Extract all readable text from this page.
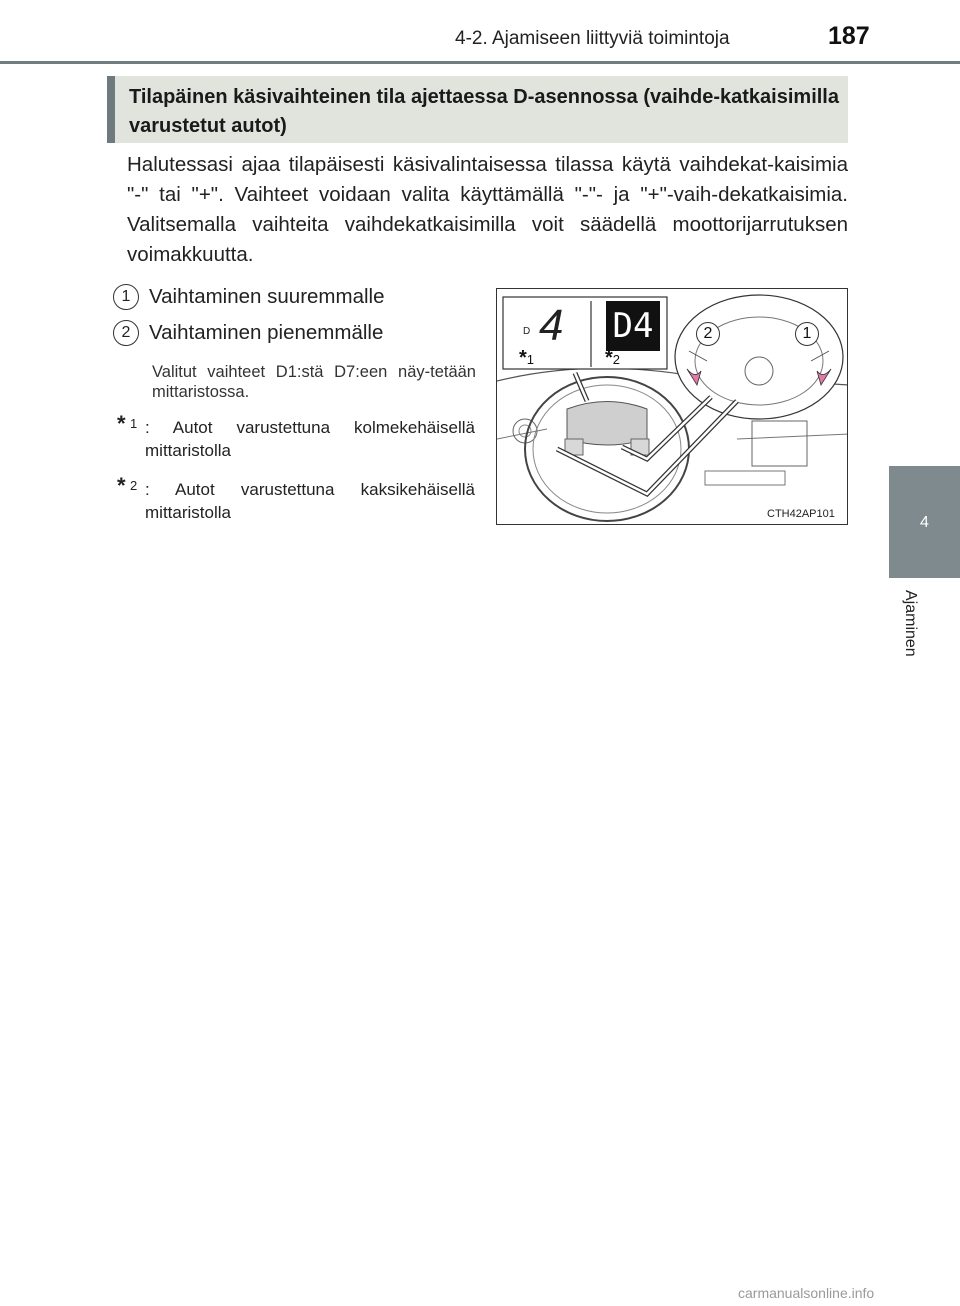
4-2. Ajamiseen liittyviä toimintoja	187
4
Ajaminen
Tilapäinen käsivaihteinen tila ajettaessa D-asennossa (vaihde-katkaisimilla varustetut autot)
Halutessasi ajaa tilapäisesti käsivalintaisessa tilassa käytä vaihdekat-kaisimia "-" tai "+". Vaihteet voidaan valita käyttämällä "-"- ja "+"-vaih-dekatkaisimia. Valitsemalla vaihteita vaihdekatkaisimilla voit säädellä moottorijarrutuksen voimakkuutta.
1 Vaihtaminen suuremmalle
2 Vaihtaminen pienemmälle
Valitut vaihteet D1:stä D7:een näy-tetään mittaristossa.
* 1 : Autot varustettuna kolmekehäisellä mittaristolla
* 2 : Autot varustettuna kaksikehäisellä mittaristolla
D 4 D4
*1	*2
2	1
CTH42AP101
carmanualsonline.info
